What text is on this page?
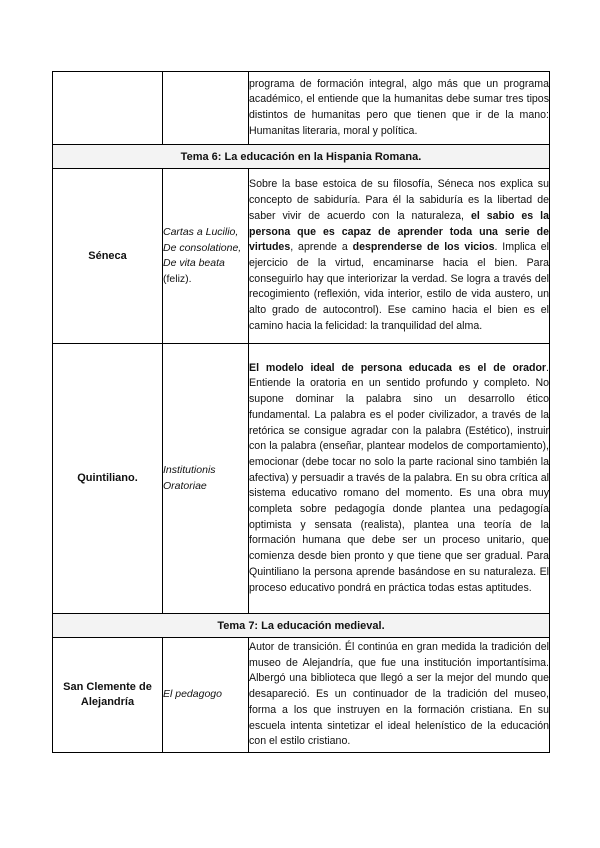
		programa de formación integral, algo más que un programa académico, el entiende que la humanitas debe sumar tres tipos distintos de humanitas pero que tienen que ir de la mano: Humanitas literaria, moral y política.
Tema 6: La educación en la Hispania Romana.		
Séneca	Cartas a Lucilio, De consolatione, De vita beata (feliz).	Sobre la base estoica de su filosofía, Séneca nos explica su concepto de sabiduría. Para él la sabiduría es la libertad de saber vivir de acuerdo con la naturaleza, el sabio es la persona que es capaz de aprender toda una serie de virtudes, aprende a desprenderse de los vicios. Implica el ejercicio de la virtud, encaminarse hacia el bien. Para conseguirlo hay que interiorizar la verdad. Se logra a través del recogimiento (reflexión, vida interior, estilo de vida austero, un alto grado de autocontrol). Ese camino hacia el bien es el camino hacia la felicidad: la tranquilidad del alma.
Quintiliano.	Institutionis Oratoriae	El modelo ideal de persona educada es el de orador. Entiende la oratoria en un sentido profundo y completo. No supone dominar la palabra sino un desarrollo ético fundamental. La palabra es el poder civilizador, a través de la retórica se consigue agradar con la palabra (Estético), instruir con la palabra (enseñar, plantear modelos de comportamiento), emocionar (debe tocar no solo la parte racional sino también la afectiva) y persuadir a través de la palabra. En su obra crítica al sistema educativo romano del momento. Es una obra muy completa sobre pedagogía donde plantea una pedagogía optimista y sensata (realista), plantea una teoría de la formación humana que debe ser un proceso unitario, que comienza desde bien pronto y que tiene que ser gradual. Para Quintiliano la persona aprende basándose en su naturaleza. El proceso educativo pondrá en práctica todas estas aptitudes.
Tema 7: La educación medieval.		
San Clemente de Alejandría	El pedagogo	Autor de transición. Él continúa en gran medida la tradición del museo de Alejandría, que fue una institución importantísima. Albergó una biblioteca que llegó a ser la mejor del mundo que desapareció. Es un continuador de la tradición del museo, forma a los que instruyen en la formación cristiana. En su escuela intenta sintetizar el ideal helenístico de la educación con el estilo cristiano.
